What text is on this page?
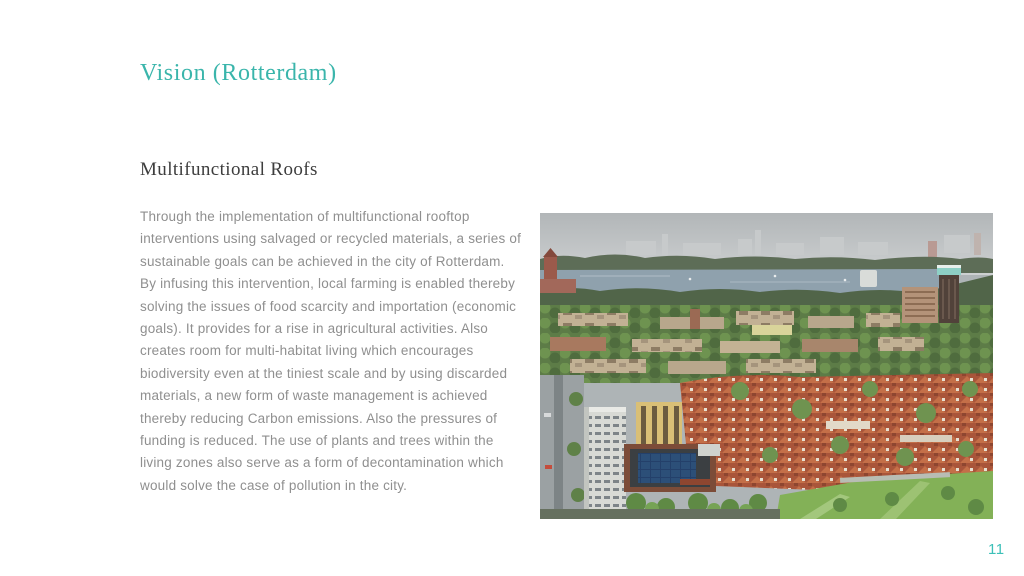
Vision (Rotterdam)
Multifunctional Roofs
Through the implementation of multifunctional rooftop interventions using salvaged or recycled materials, a series of sustainable goals can be achieved in the city of Rotterdam. By infusing this intervention, local farming is enabled thereby solving the issues of food scarcity and importation (economic goals). It provides for a rise in agricultural activities. Also creates room for multi-habitat living which encourages biodiversity even at the tiniest scale and by using discarded materials, a new form of waste management is achieved thereby reducing Carbon emissions. Also the pressures of funding is reduced. The use of plants and trees within the living zones also serve as a form of decontamination which would solve the case of pollution in the city.
11
